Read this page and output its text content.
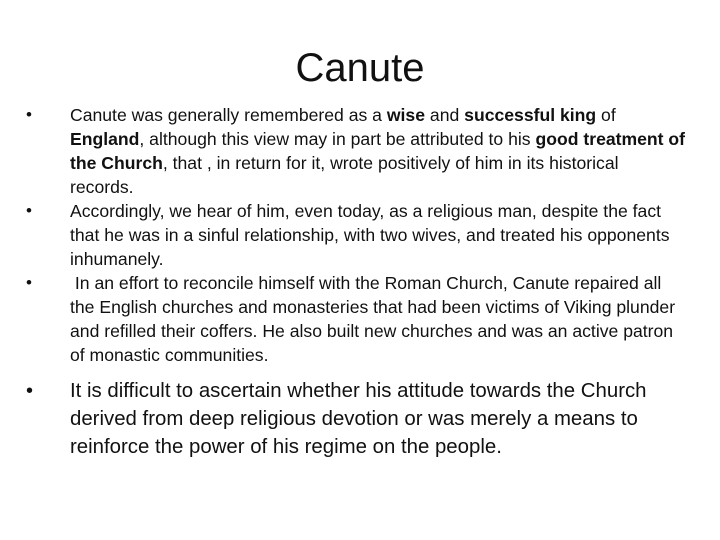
Canute
•	Canute was generally remembered as a wise and successful king of England, although this view may in part be attributed to his good treatment of the Church, that , in return for it, wrote positively of him in its historical records.
•	Accordingly, we hear of him, even today, as a religious man, despite the fact that he was in a sinful relationship, with two wives, and treated his opponents inhumanely.
•	In an effort to reconcile himself with the Roman Church, Canute repaired all the English churches and monasteries that had been victims of Viking plunder and refilled their coffers. He also built new churches and was an active patron of monastic communities.
•	It is difficult to ascertain whether his attitude towards the Church derived from deep religious devotion or was merely a means to reinforce the power of his regime on the people.
